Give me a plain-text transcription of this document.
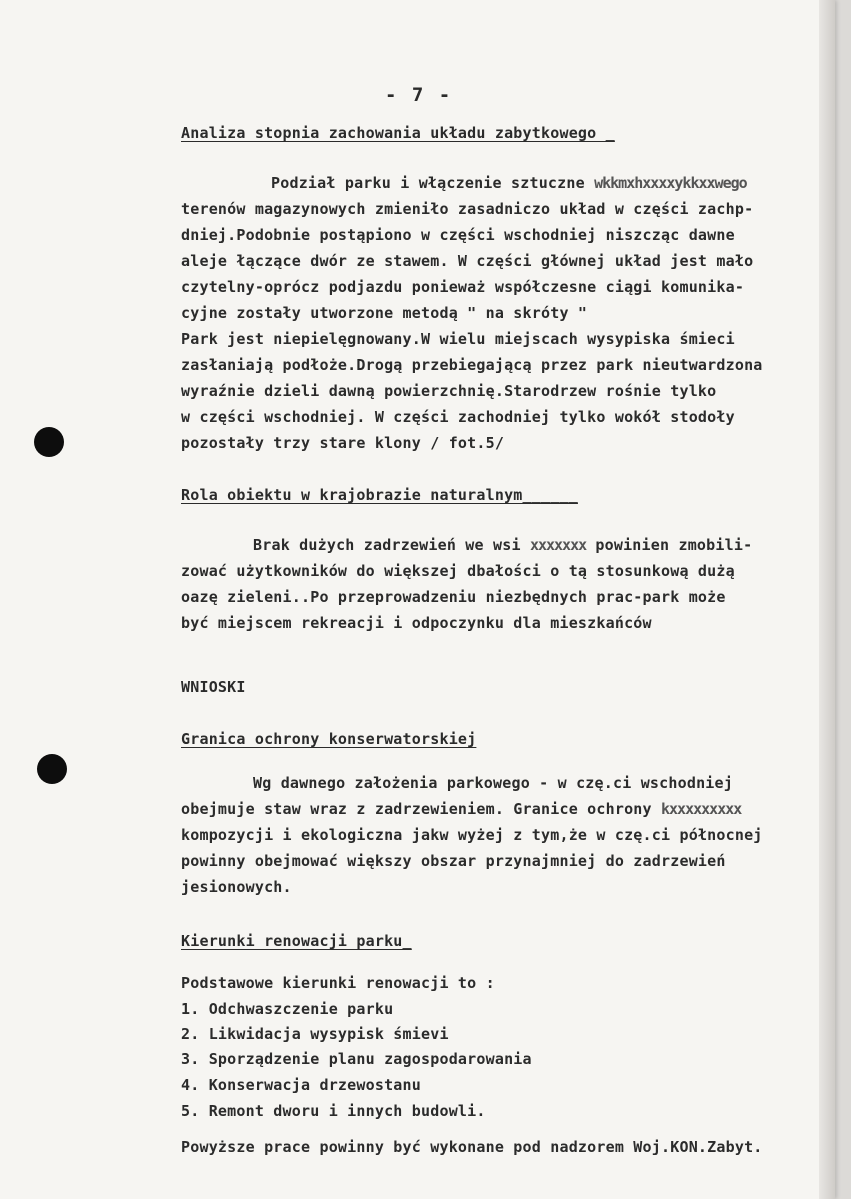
- 7 -
Analiza stopnia zachowania układu zabytkowego _
Podział parku i włączenie sztuczne wkkmxhxxxxykkxxwego
terenów magazynowych zmieniło zasadniczo układ w części zachp-
dniej.Podobnie postąpiono w części wschodniej niszcząc dawne
aleje łączące dwór ze stawem. W części głównej układ jest mało
czytelny-oprócz podjazdu ponieważ współczesne ciągi komunika-
cyjne zostały utworzone metodą " na skróty "
Park jest niepielęgnowany.W wielu miejscach wysypiska śmieci
zasłaniają podłoże.Drogą przebiegającą przez park nieutwardzona
wyraźnie dzieli dawną powierzchnię.Starodrzew rośnie tylko
w części wschodniej. W części zachodniej tylko wokół stodoły
pozostały trzy stare klony / fot.5/
Rola obiektu w krajobrazie naturalnym______
Brak dużych zadrzewień we wsi xxxxxxx powinien zmobili-
zować użytkowników do większej dbałości o tą stosunkową dużą
oazę zieleni..Po przeprowadzeniu niezbędnych prac-park może
być miejscem rekreacji i odpoczynku dla mieszkańców
WNIOSKI
Granica ochrony konserwatorskiej
Wg dawnego założenia parkowego - w czę.ci wschodniej
obejmuje staw wraz z zadrzewieniem. Granice ochrony kxxxxxxxxx
kompozycji i ekologiczna jakw wyżej z tym,że w czę.ci północnej
powinny obejmować większy obszar przynajmniej do zadrzewień
jesionowych.
Kierunki renowacji parku_
Podstawowe kierunki renowacji to :
1. Odchwaszczenie parku
2. Likwidacja wysypisk śmievi
3. Sporządzenie planu zagospodarowania
4. Konserwacja drzewostanu
5. Remont dworu i innych budowli.
Powyższe prace powinny być wykonane pod nadzorem Woj.KON.Zabyt.
